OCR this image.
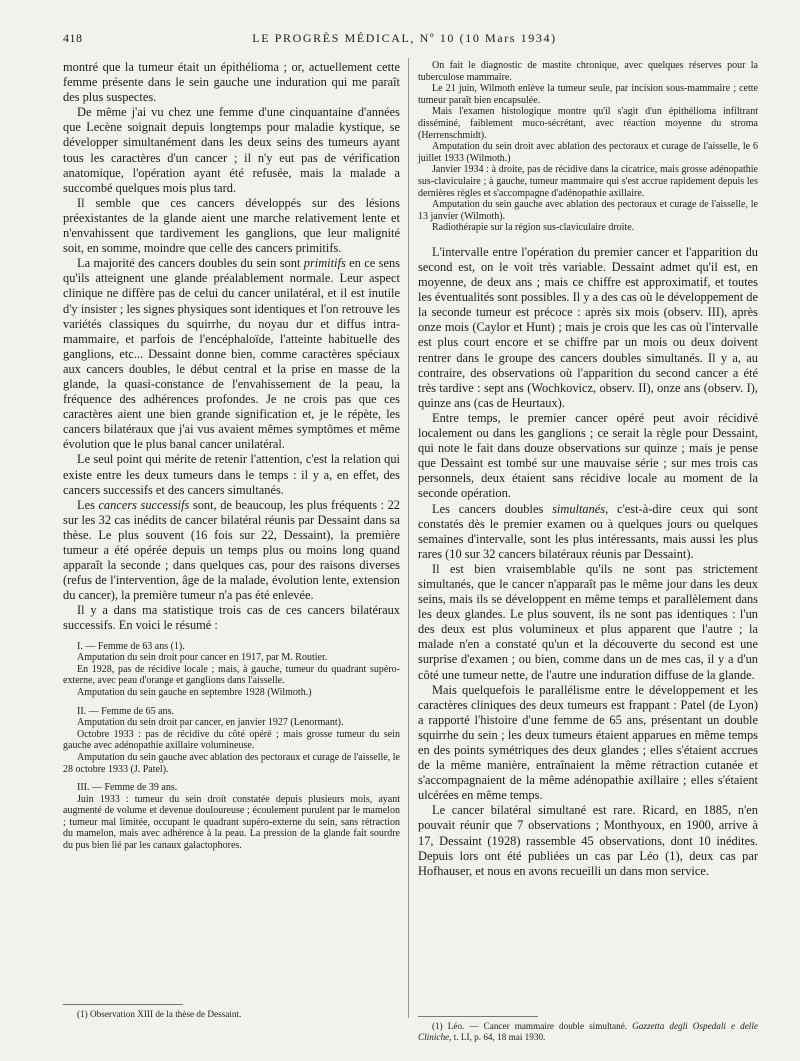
418	LE PROGRÈS MÉDICAL, Nº 10 (10 Mars 1934)

montré que la tumeur était un épithélioma ; or, actuellement cette femme présente dans le sein gauche une induration qui me paraît des plus suspectes.

De même j'ai vu chez une femme d'une cinquantaine d'années que Lecène soignait depuis longtemps pour maladie kystique, se développer simultanément dans les deux seins des tumeurs ayant tous les caractères d'un cancer ; il n'y eut pas de vérification anatomique, l'opération ayant été refusée, mais la malade a succombé quelques mois plus tard.

Il semble que ces cancers développés sur des lésions préexistantes de la glande aient une marche relativement lente et n'envahissent que tardivement les ganglions, que leur malignité soit, en somme, moindre que celle des cancers primitifs.

La majorité des cancers doubles du sein sont primitifs en ce sens qu'ils atteignent une glande préalablement normale. Leur aspect clinique ne diffère pas de celui du cancer unilatéral, et il est inutile d'y insister ; les signes physiques sont identiques et l'on retrouve les variétés classiques du squirrhe, du noyau dur et diffus intra-mammaire, et parfois de l'encéphaloïde, l'atteinte habituelle des ganglions, etc... Dessaint donne bien, comme caractères spéciaux aux cancers doubles, le début central et la prise en masse de la glande, la quasi-constance de l'envahissement de la peau, la fréquence des adhérences profondes. Je ne crois pas que ces caractères aient une bien grande signification et, je le répète, les cancers bilatéraux que j'ai vus avaient mêmes symptômes et même évolution que le plus banal cancer unilatéral.

Le seul point qui mérite de retenir l'attention, c'est la relation qui existe entre les deux tumeurs dans le temps : il y a, en effet, des cancers successifs et des cancers simultanés.

Les cancers successifs sont, de beaucoup, les plus fréquents : 22 sur les 32 cas inédits de cancer bilatéral réunis par Dessaint dans sa thèse. Le plus souvent (16 fois sur 22, Dessaint), la première tumeur a été opérée depuis un temps plus ou moins long quand apparaît la seconde ; dans quelques cas, pour des raisons diverses (refus de l'intervention, âge de la malade, évolution lente, extension du cancer), la première tumeur n'a pas été enlevée.

Il y a dans ma statistique trois cas de ces cancers bilatéraux successifs. En voici le résumé :

I. — Femme de 63 ans (1).

Amputation du sein droit pour cancer en 1917, par M. Routier.

En 1928, pas de récidive locale ; mais, à gauche, tumeur du quadrant supéro-externe, avec peau d'orange et ganglions dans l'aisselle.

Amputation du sein gauche en septembre 1928 (Wilmoth.)

II. — Femme de 65 ans.

Amputation du sein droit par cancer, en janvier 1927 (Lenormant).

Octobre 1933 : pas de récidive du côté opéré ; mais grosse tumeur du sein gauche avec adénopathie axillaire volumineuse.

Amputation du sein gauche avec ablation des pectoraux et curage de l'aisselle, le 28 octobre 1933 (J. Patel).

III. — Femme de 39 ans.

Juin 1933 : tumeur du sein droit constatée depuis plusieurs mois, ayant augmenté de volume et devenue douloureuse ; écoulement purulent par le mamelon ; tumeur mal limitée, occupant le quadrant supéro-externe du sein, sans rétraction du mamelon, mais avec adhérence à la peau. La pression de la glande fait sourdre du pus bien lié par les canaux galactophores.

(1) Observation XIII de la thèse de Dessaint.

On fait le diagnostic de mastite chronique, avec quelques réserves pour la tuberculose mammaire.

Le 21 juin, Wilmoth enlève la tumeur seule, par incision sous-mammaire ; cette tumeur paraît bien encapsulée.

Mais l'examen histologique montre qu'il s'agit d'un épithélioma infiltrant disséminé, faiblement muco-sécrétant, avec réaction moyenne du stroma (Herrenschmidt).

Amputation du sein droit avec ablation des pectoraux et curage de l'aisselle, le 6 juillet 1933 (Wilmoth.)

Janvier 1934 : à droite, pas de récidive dans la cicatrice, mais grosse adénopathie sus-claviculaire ; à gauche, tumeur mammaire qui s'est accrue rapidement depuis les dernières règles et s'accompagne d'adénopathie axillaire.

Amputation du sein gauche avec ablation des pectoraux et curage de l'aisselle, le 13 janvier (Wilmoth).

Radiothérapie sur la région sus-claviculaire droite.

L'intervalle entre l'opération du premier cancer et l'apparition du second est, on le voit très variable. Dessaint admet qu'il est, en moyenne, de deux ans ; mais ce chiffre est approximatif, et toutes les éventualités sont possibles. Il y a des cas où le développement de la seconde tumeur est précoce : après six mois (observ. III), après onze mois (Caylor et Hunt) ; mais je crois que les cas où l'intervalle est plus court encore et se chiffre par un mois ou deux doivent rentrer dans le groupe des cancers doubles simultanés. Il y a, au contraire, des observations où l'apparition du second cancer a été très tardive : sept ans (Wochkovicz, observ. II), onze ans (observ. I), quinze ans (cas de Heurtaux).

Entre temps, le premier cancer opéré peut avoir récidivé localement ou dans les ganglions ; ce serait la règle pour Dessaint, qui note le fait dans douze observations sur quinze ; mais je pense que Dessaint est tombé sur une mauvaise série ; sur mes trois cas personnels, deux étaient sans récidive locale au moment de la seconde opération.

Les cancers doubles simultanés, c'est-à-dire ceux qui sont constatés dès le premier examen ou à quelques jours ou quelques semaines d'intervalle, sont les plus intéressants, mais aussi les plus rares (10 sur 32 cancers bilatéraux réunis par Dessaint).

Il est bien vraisemblable qu'ils ne sont pas strictement simultanés, que le cancer n'apparaît pas le même jour dans les deux seins, mais ils se développent en même temps et parallèlement dans les deux glandes. Le plus souvent, ils ne sont pas identiques : l'un des deux est plus volumineux et plus apparent que l'autre ; la malade n'en a constaté qu'un et la découverte du second est une surprise d'examen ; ou bien, comme dans un de mes cas, il y a d'un côté une tumeur nette, de l'autre une induration diffuse de la glande.

Mais quelquefois le parallélisme entre le développement et les caractères cliniques des deux tumeurs est frappant : Patel (de Lyon) a rapporté l'histoire d'une femme de 65 ans, présentant un double squirrhe du sein ; les deux tumeurs étaient apparues en même temps en des points symétriques des deux glandes ; elles s'étaient accrues de la même manière, entraînaient la même rétraction cutanée et s'accompagnaient de la même adénopathie axillaire ; elles s'étaient ulcérées en même temps.

Le cancer bilatéral simultané est rare. Ricard, en 1885, n'en pouvait réunir que 7 observations ; Monthyoux, en 1900, arrive à 17, Dessaint (1928) rassemble 45 observations, dont 10 inédites. Depuis lors ont été publiées un cas par Léo (1), deux cas par Hofhauser, et nous en avons recueilli un dans mon service.

(1) Léo. — Cancer mammaire double simultané. Gazzetta degli Ospedali e delle Cliniche, t. LI, p. 64, 18 mai 1930.
